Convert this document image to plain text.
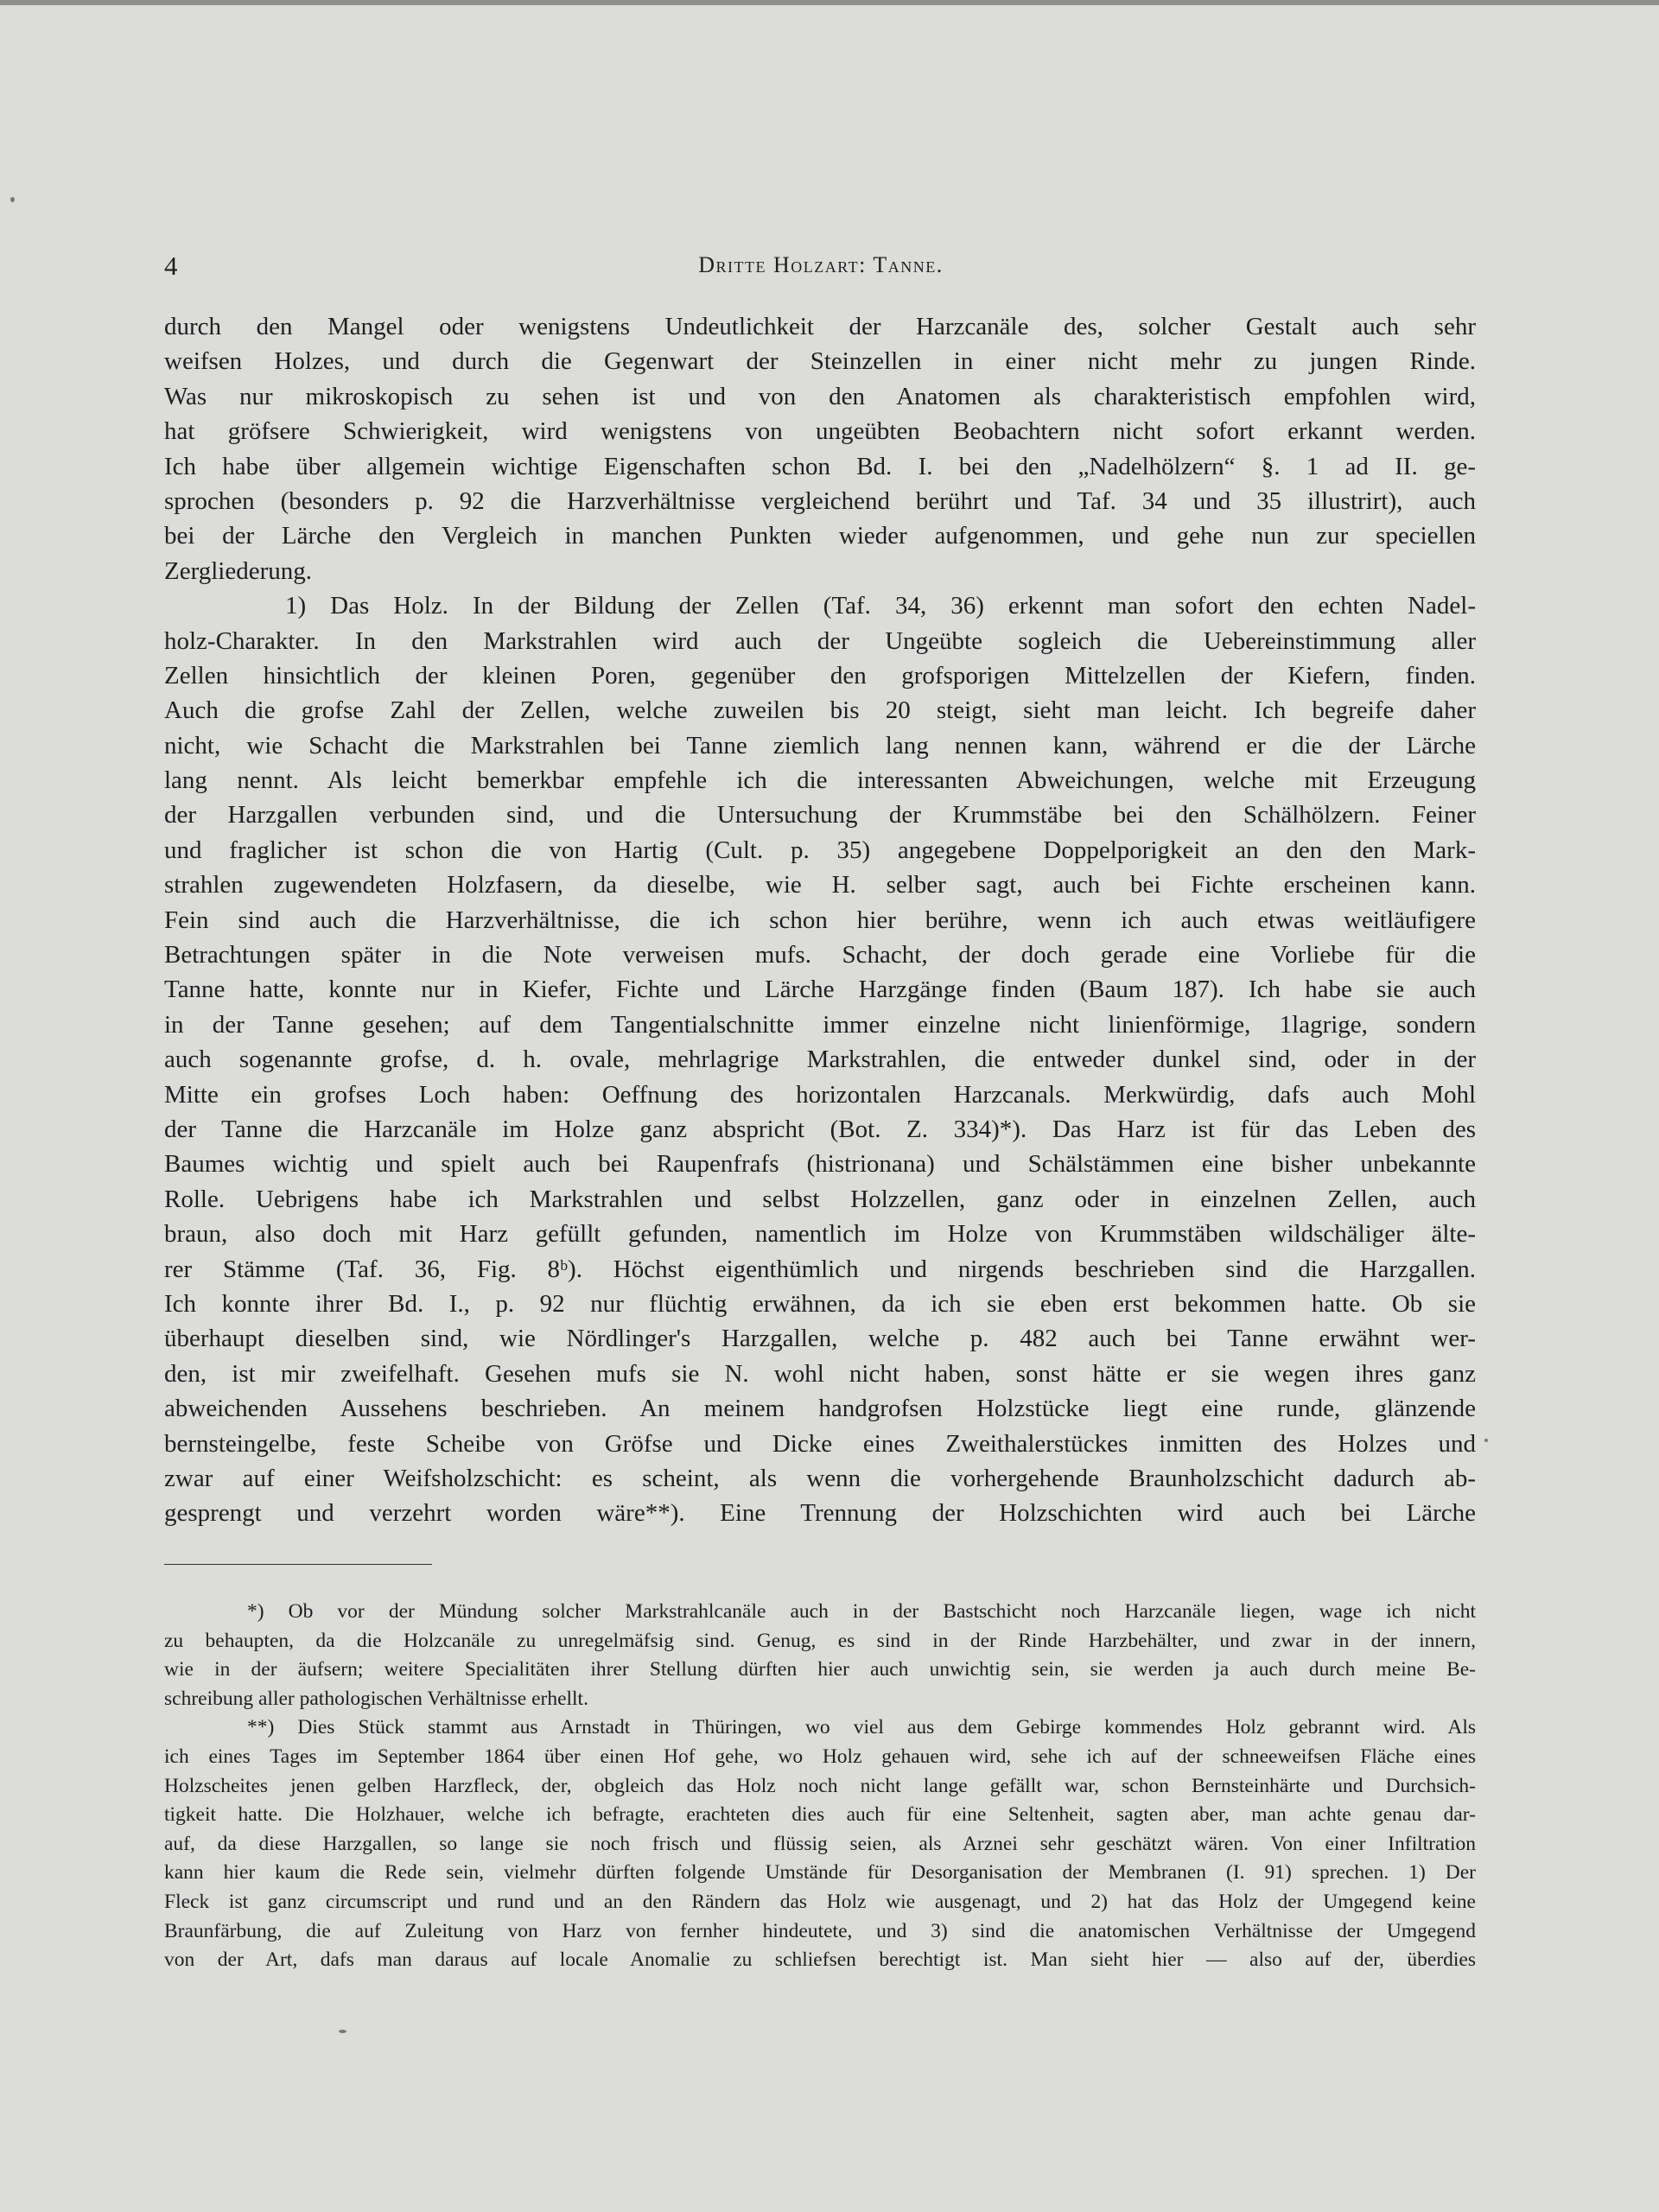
4	Dritte Holzart: Tanne.
durch den Mangel oder wenigstens Undeutlichkeit der Harzcanäle des, solcher Gestalt auch sehr
weifsen Holzes, und durch die Gegenwart der Steinzellen in einer nicht mehr zu jungen Rinde.
Was nur mikroskopisch zu sehen ist und von den Anatomen als charakteristisch empfohlen wird,
hat gröfsere Schwierigkeit, wird wenigstens von ungeübten Beobachtern nicht sofort erkannt werden.
Ich habe über allgemein wichtige Eigenschaften schon Bd. I. bei den „Nadelhölzern“ §. 1 ad II. ge-
sprochen (besonders p. 92 die Harzverhältnisse vergleichend berührt und Taf. 34 und 35 illustrirt), auch
bei der Lärche den Vergleich in manchen Punkten wieder aufgenommen, und gehe nun zur speciellen
Zergliederung.
1) Das Holz. In der Bildung der Zellen (Taf. 34, 36) erkennt man sofort den echten Nadel-
holz-Charakter. In den Markstrahlen wird auch der Ungeübte sogleich die Uebereinstimmung aller
Zellen hinsichtlich der kleinen Poren, gegenüber den grofsporigen Mittelzellen der Kiefern, finden.
Auch die grofse Zahl der Zellen, welche zuweilen bis 20 steigt, sieht man leicht. Ich begreife daher
nicht, wie Schacht die Markstrahlen bei Tanne ziemlich lang nennen kann, während er die der Lärche
lang nennt. Als leicht bemerkbar empfehle ich die interessanten Abweichungen, welche mit Erzeugung
der Harzgallen verbunden sind, und die Untersuchung der Krummstäbe bei den Schälhölzern. Feiner
und fraglicher ist schon die von Hartig (Cult. p. 35) angegebene Doppelporigkeit an den den Mark-
strahlen zugewendeten Holzfasern, da dieselbe, wie H. selber sagt, auch bei Fichte erscheinen kann.
Fein sind auch die Harzverhältnisse, die ich schon hier berühre, wenn ich auch etwas weitläufigere
Betrachtungen später in die Note verweisen mufs. Schacht, der doch gerade eine Vorliebe für die
Tanne hatte, konnte nur in Kiefer, Fichte und Lärche Harzgänge finden (Baum 187). Ich habe sie auch
in der Tanne gesehen; auf dem Tangentialschnitte immer einzelne nicht linienförmige, 1lagrige, sondern
auch sogenannte grofse, d. h. ovale, mehrlagrige Markstrahlen, die entweder dunkel sind, oder in der
Mitte ein grofses Loch haben: Oeffnung des horizontalen Harzcanals. Merkwürdig, dafs auch Mohl
der Tanne die Harzcanäle im Holze ganz abspricht (Bot. Z. 334)*). Das Harz ist für das Leben des
Baumes wichtig und spielt auch bei Raupenfrafs (histrionana) und Schälstämmen eine bisher unbekannte
Rolle. Uebrigens habe ich Markstrahlen und selbst Holzzellen, ganz oder in einzelnen Zellen, auch
braun, also doch mit Harz gefüllt gefunden, namentlich im Holze von Krummstäben wildschäliger älte-
rer Stämme (Taf. 36, Fig. 8ᵇ). Höchst eigenthümlich und nirgends beschrieben sind die Harzgallen.
Ich konnte ihrer Bd. I., p. 92 nur flüchtig erwähnen, da ich sie eben erst bekommen hatte. Ob sie
überhaupt dieselben sind, wie Nördlinger's Harzgallen, welche p. 482 auch bei Tanne erwähnt wer-
den, ist mir zweifelhaft. Gesehen mufs sie N. wohl nicht haben, sonst hätte er sie wegen ihres ganz
abweichenden Aussehens beschrieben. An meinem handgrofsen Holzstücke liegt eine runde, glänzende
bernsteingelbe, feste Scheibe von Gröfse und Dicke eines Zweithalerstückes inmitten des Holzes und
zwar auf einer Weifsholzschicht: es scheint, als wenn die vorhergehende Braunholzschicht dadurch ab-
gesprengt und verzehrt worden wäre**). Eine Trennung der Holzschichten wird auch bei Lärche
*) Ob vor der Mündung solcher Markstrahlcanäle auch in der Bastschicht noch Harzcanäle liegen, wage ich nicht
zu behaupten, da die Holzcanäle zu unregelmäfsig sind. Genug, es sind in der Rinde Harzbehälter, und zwar in der innern,
wie in der äufsern; weitere Specialitäten ihrer Stellung dürften hier auch unwichtig sein, sie werden ja auch durch meine Be-
schreibung aller pathologischen Verhältnisse erhellt.
**) Dies Stück stammt aus Arnstadt in Thüringen, wo viel aus dem Gebirge kommendes Holz gebrannt wird. Als
ich eines Tages im September 1864 über einen Hof gehe, wo Holz gehauen wird, sehe ich auf der schneeweifsen Fläche eines
Holzscheites jenen gelben Harzfleck, der, obgleich das Holz noch nicht lange gefällt war, schon Bernsteinhärte und Durchsich-
tigkeit hatte. Die Holzhauer, welche ich befragte, erachteten dies auch für eine Seltenheit, sagten aber, man achte genau dar-
auf, da diese Harzgallen, so lange sie noch frisch und flüssig seien, als Arznei sehr geschätzt wären. Von einer Infiltration
kann hier kaum die Rede sein, vielmehr dürften folgende Umstände für Desorganisation der Membranen (I. 91) sprechen. 1) Der
Fleck ist ganz circumscript und rund und an den Rändern das Holz wie ausgenagt, und 2) hat das Holz der Umgegend keine
Braunfärbung, die auf Zuleitung von Harz von fernher hindeutete, und 3) sind die anatomischen Verhältnisse der Umgegend
von der Art, dafs man daraus auf locale Anomalie zu schliefsen berechtigt ist. Man sieht hier — also auf der, überdies
